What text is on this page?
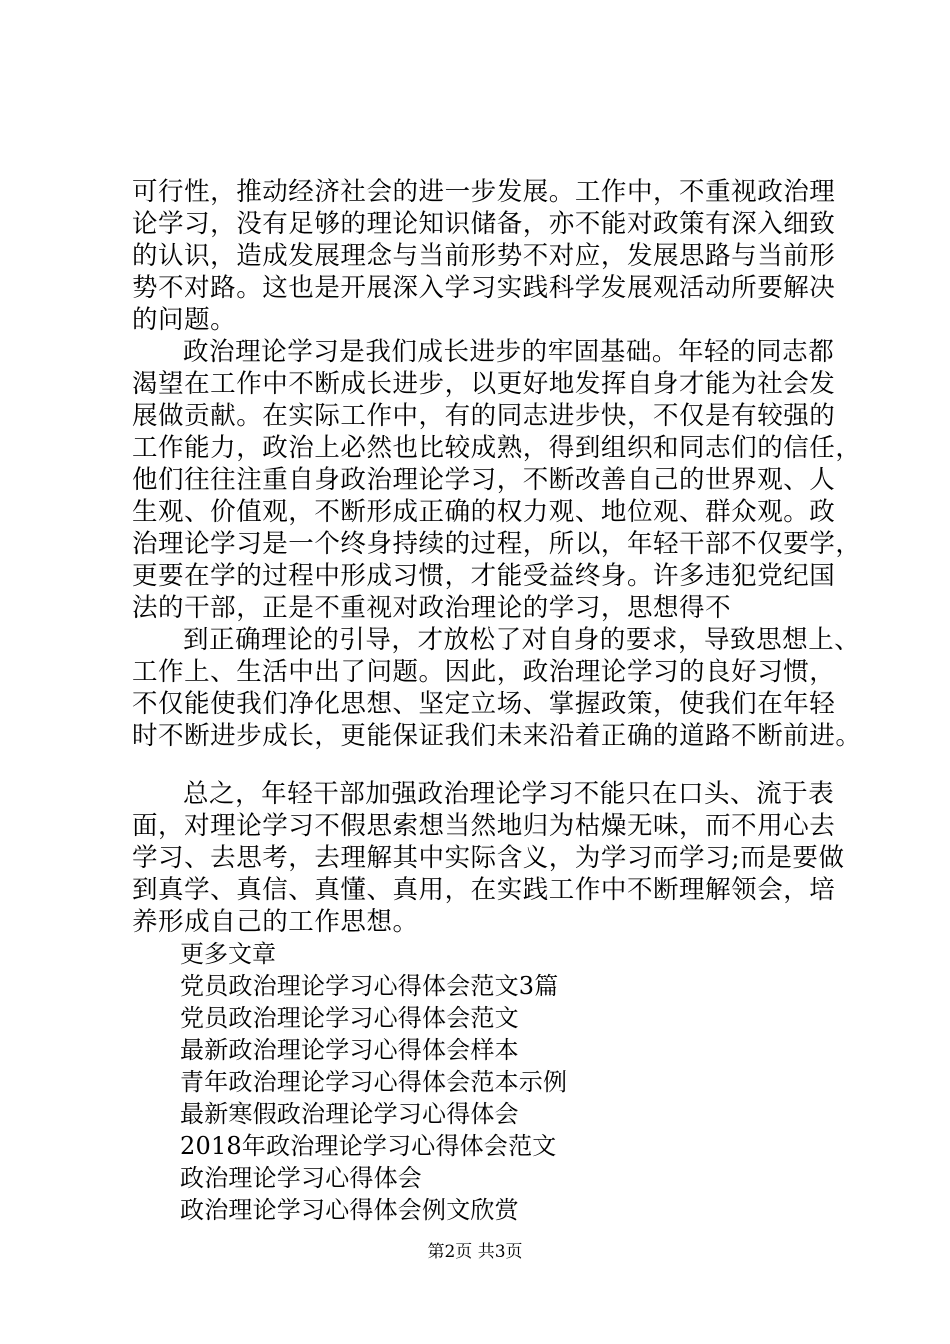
可行性，推动经济社会的进一步发展。工作中，不重视政治理
论学习，没有足够的理论知识储备，亦不能对政策有深入细致
的认识，造成发展理念与当前形势不对应，发展思路与当前形
势不对路。这也是开展深入学习实践科学发展观活动所要解决
的问题。
政治理论学习是我们成长进步的牢固基础。年轻的同志都
渴望在工作中不断成长进步，以更好地发挥自身才能为社会发
展做贡献。在实际工作中，有的同志进步快，不仅是有较强的
工作能力，政治上必然也比较成熟，得到组织和同志们的信任，
他们往往注重自身政治理论学习，不断改善自己的世界观、人
生观、价值观，不断形成正确的权力观、地位观、群众观。政
治理论学习是一个终身持续的过程，所以，年轻干部不仅要学，
更要在学的过程中形成习惯，才能受益终身。许多违犯党纪国
法的干部，正是不重视对政治理论的学习，思想得不
到正确理论的引导，才放松了对自身的要求，导致思想上、
工作上、生活中出了问题。因此，政治理论学习的良好习惯，
不仅能使我们净化思想、坚定立场、掌握政策，使我们在年轻
时不断进步成长，更能保证我们未来沿着正确的道路不断前进。
总之，年轻干部加强政治理论学习不能只在口头、流于表
面，对理论学习不假思索想当然地归为枯燥无味，而不用心去
学习、去思考，去理解其中实际含义，为学习而学习;而是要做
到真学、真信、真懂、真用，在实践工作中不断理解领会，培
养形成自己的工作思想。
更多文章
党员政治理论学习心得体会范文3篇
党员政治理论学习心得体会范文
最新政治理论学习心得体会样本
青年政治理论学习心得体会范本示例
最新寒假政治理论学习心得体会
2018年政治理论学习心得体会范文
政治理论学习心得体会
政治理论学习心得体会例文欣赏
第2页 共3页
